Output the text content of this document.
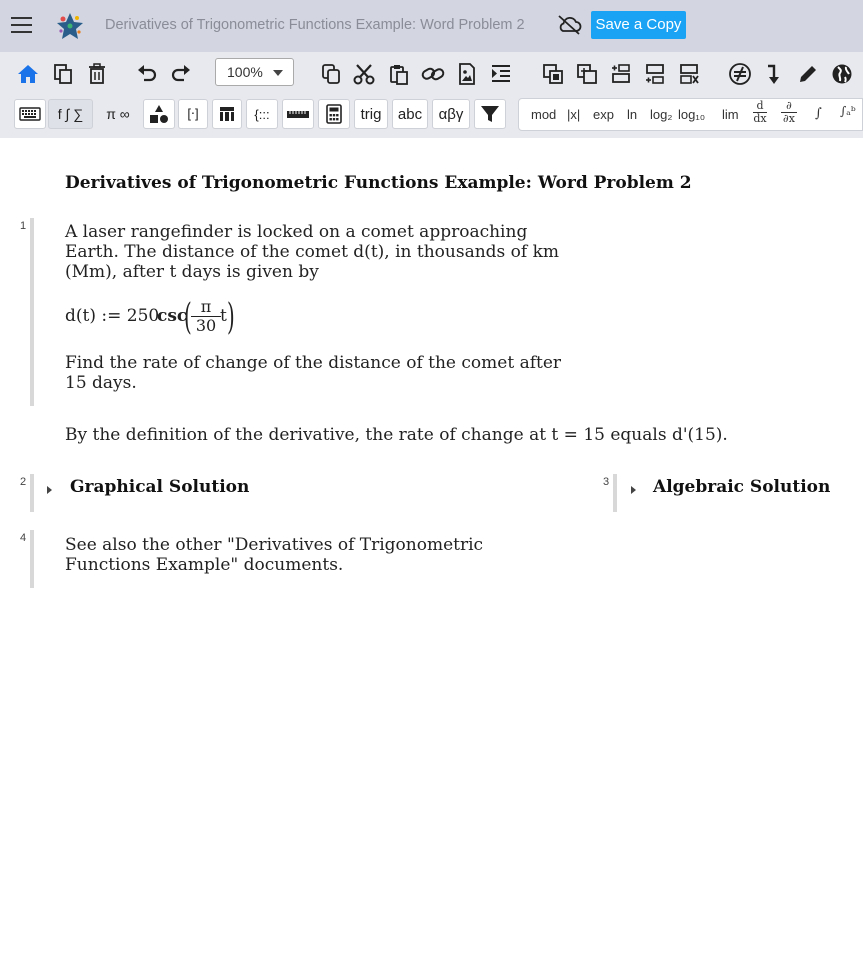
Derivatives of Trigonometric Functions Example: Word Problem 2	Save a Copy
100%
f ∫ ∑	π ∞	[⋅]	{:::	trig	abc	αβγ	mod |x| exp ln log₂ log₁₀ $\lim \frac{d}{dx}$	∂
∂x ∫ ∫ₐᵇ
Derivatives of Trigonometric Functions Example: Word Problem 2
1 A laser rangefinder is locked on a comet approaching
Earth. The distance of the comet d(t), in thousands of km
(Mm), after t days is given by
d(t) := 250
csc
( $\frac{\pi}{30}$ t )
Find the rate of change of the distance of the comet after
15 days.
By the definition of the derivative, the rate of change at t = 15 equals d'(15).
2	Graphical Solution	3	Algebraic Solution
4 See also the other "Derivatives of Trigonometric
Functions Example" documents.
